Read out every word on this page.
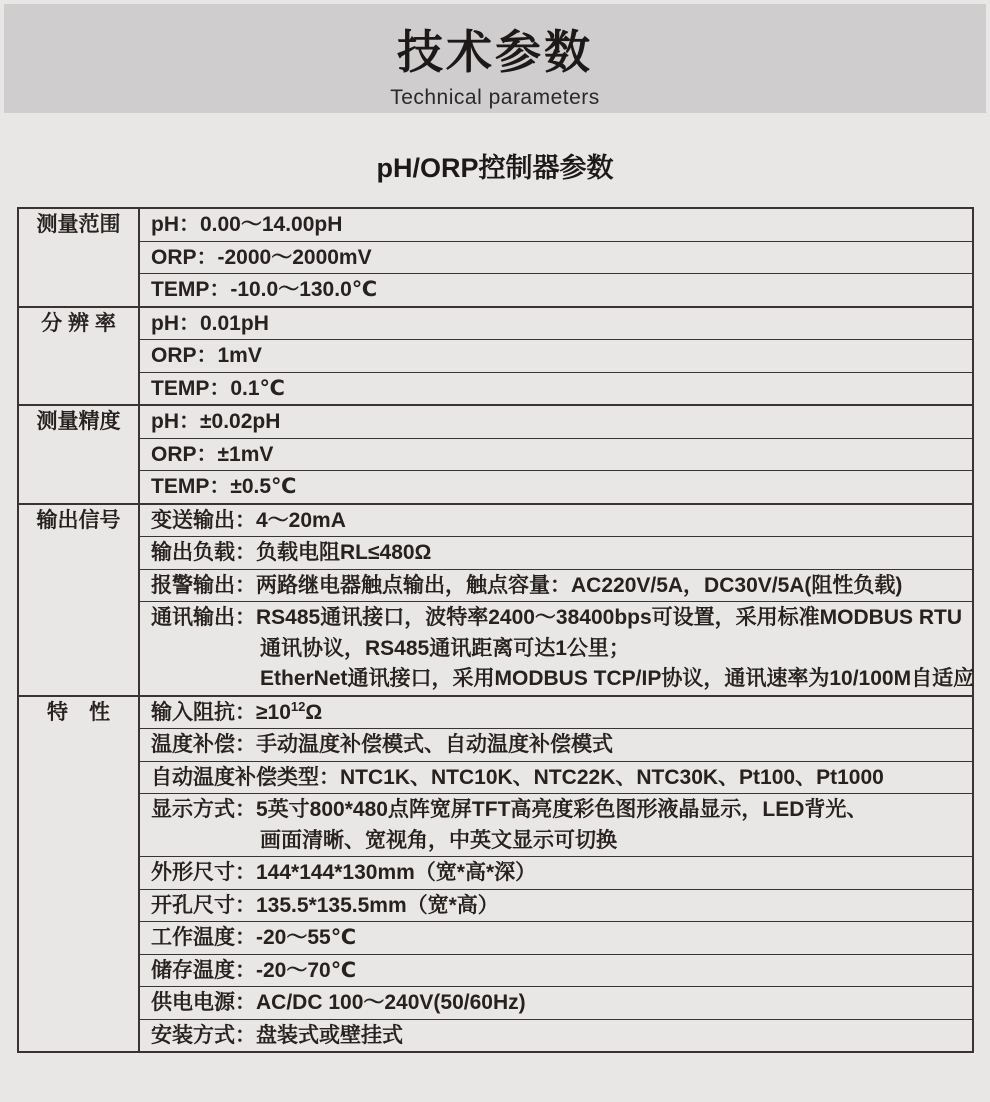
技术参数
Technical parameters
pH/ORP控制器参数
测量范围	pH：0.00～14.00pH
ORP：-2000～2000mV
TEMP：-10.0～130.0℃
分 辨 率	pH：0.01pH
ORP：1mV
TEMP：0.1℃
测量精度	pH：±0.02pH
ORP：±1mV
TEMP：±0.5℃
输出信号	变送输出：4～20mA
输出负载：负载电阻RL≤480Ω
报警输出：两路继电器触点输出，触点容量：AC220V/5A，DC30V/5A(阻性负载)
通讯输出：RS485通讯接口，波特率2400～38400bps可设置，采用标准MODBUS RTU
通讯协议，RS485通讯距离可达1公里；
EtherNet通讯接口，采用MODBUS TCP/IP协议，通讯速率为10/100M自适应
特　性	输入阻抗：$\ge 10^{12}\Omega$
温度补偿：手动温度补偿模式、自动温度补偿模式
自动温度补偿类型：NTC1K、NTC10K、NTC22K、NTC30K、Pt100、Pt1000
显示方式：5英寸800*480点阵宽屏TFT高亮度彩色图形液晶显示，LED背光、
画面清晰、宽视角，中英文显示可切换
外形尺寸：144*144*130mm（宽*高*深）
开孔尺寸：135.5*135.5mm（宽*高）
工作温度：-20～55℃
储存温度：-20～70℃
供电电源：AC/DC 100～240V(50/60Hz)
安装方式：盘装式或壁挂式
